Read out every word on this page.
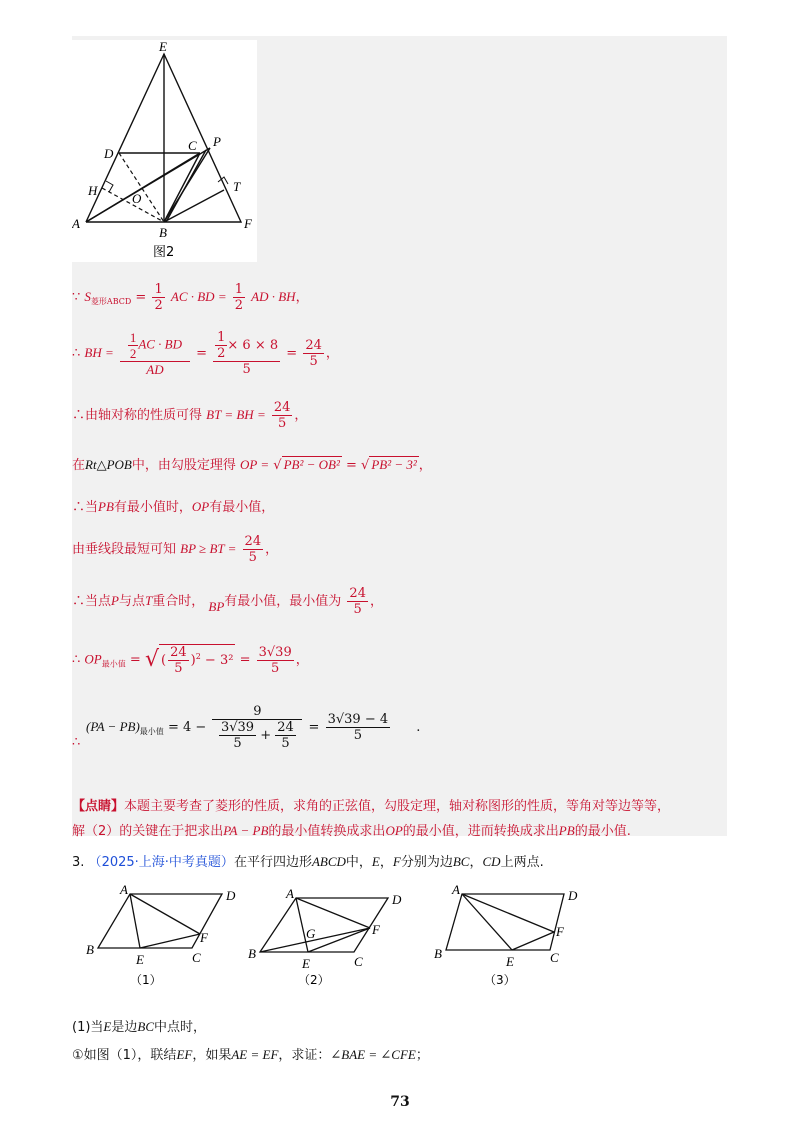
E
D
C P
H
O
T
A
B
F
图2
∵ $S_{菱形ABCD} = \frac{1}{2}$ AC · BD = $\frac{1}{2}$ AD · BH，
∴ BH = $\frac{\frac{1}{2} AC \cdot BD}{AD} = \frac{\frac{1}{2} \times 6 \times 8}{5} = \frac{24}{5}$ ，
∴由轴对称的性质可得 BT = BH = $\frac{24}{5}$ ，
在Rt△POB中，由勾股定理得 OP = √ PB² − OB² = √ PB² − 3² ，
∴当PB有最小值时，OP有最小值，
由垂线段最短可知 BP ≥ BT = $\frac{24}{5}$ ，
∴当点P与点T重合时， BP有最小值，最小值为 $\frac{24}{5}$ ，
∴ $OP_{最小值}$ = √ ( $\frac{24}{5} )^2 - 3^2 = \frac{3√39}{5}$ ，
∴
$(PA - PB)_{最小值} = 4 - \frac{9}{\frac{3√39}{5} + \frac{24}{5}} = \frac{3√39 - 4}{5}$ .
【点睛】本题主要考查了菱形的性质，求角的正弦值，勾股定理，轴对称图形的性质，等角对等边等等，
解（2）的关键在于把求出PA − PB的最小值转换成求出OP的最小值，进而转换成求出PB的最小值.
3. （2025·上海·中考真题）在平行四边形ABCD中，E，F分别为边BC，CD上两点.
A	D
B
E
F
C
（1）
A	D
G	F
B
E	C
（2）
A	D
F
B
E	C
（3）
(1)当E是边BC中点时，
①如图（1），联结EF，如果AE = EF，求证：∠BAE = ∠CFE；
73
